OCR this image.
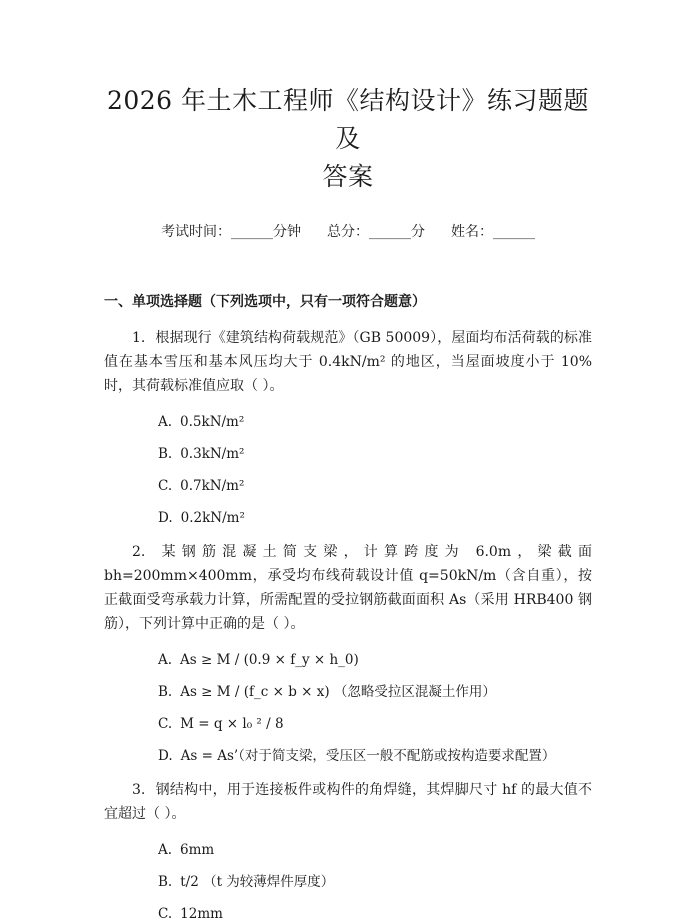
2026 年土木工程师《结构设计》练习题题及
答案
考试时间：______分钟 总分：______分 姓名：______
一、单项选择题（下列选项中，只有一项符合题意）

1. 根据现行《建筑结构荷载规范》（GB 50009），屋面均布活荷载的标准值在基本雪压和基本风压均大于 0.4kN/m² 的地区，当屋面坡度小于 10%时，其荷载标准值应取（ ）。

A. 0.5kN/m²
B. 0.3kN/m²
C. 0.7kN/m²
D. 0.2kN/m²

2. 某钢筋混凝土简支梁，计算跨度为 6.0m，梁截面 bh=200mm×400mm，承受均布线荷载设计值 q=50kN/m（含自重），按正截面受弯承载力计算，所需配置的受拉钢筋截面面积 As（采用 HRB400 钢筋），下列计算中正确的是（ ）。

A. As ≥ M / (0.9 × f_y × h_0)
B. As ≥ M / (f_c × b × x) （忽略受拉区混凝土作用）
C. M = q × l₀ ² / 8
D. As = As’（对于简支梁，受压区一般不配筋或按构造要求配置）

3. 钢结构中，用于连接板件或构件的角焊缝，其焊脚尺寸 hf 的最大值不宜超过（ ）。

A. 6mm
B. t/2 （t 为较薄焊件厚度）
C. 12mm
